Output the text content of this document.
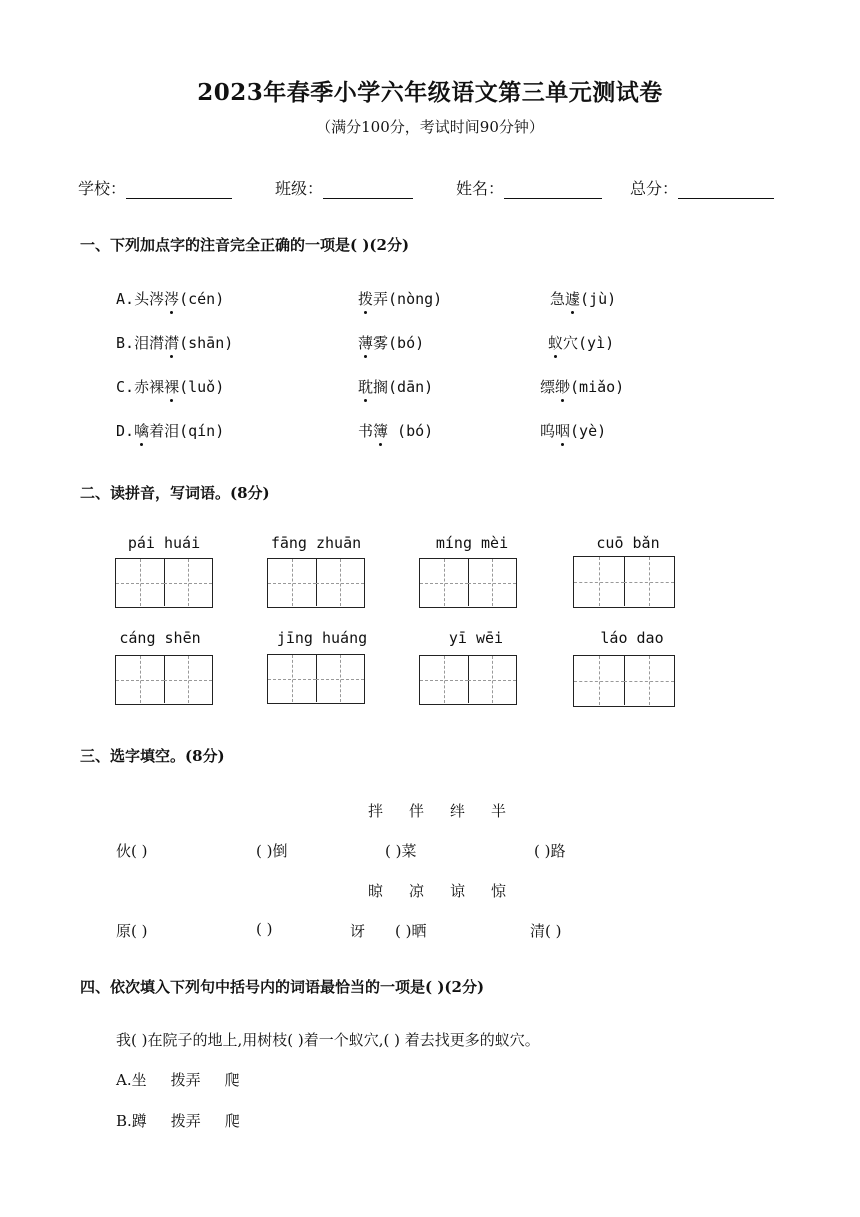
2023年春季小学六年级语文第三单元测试卷
（满分100分，考试时间90分钟）
学校：	班级：	姓名：	总分：
一、下列加点字的注音完全正确的一项是( )(2分)
A.头涔涔(cén)	拨弄(nòng)	急遽(jù)
B.泪潸潸(shān)	薄雾(bó)	蚁穴(yì)
C.赤裸裸(luǒ)	耽搁(dān)	缥缈(miǎo)
D.噙着泪(qín)	书簿 (bó)	呜咽(yè)
二、读拼音，写词语。(8分)
pái huái	fāng zhuān	míng mèi	cuō bǎn
cáng shēn	jīng huáng	yī wēi	láo dao
三、选字填空。(8分)
拌 伴 绊 半
伙( )	( )倒	( )菜	( )路
晾 凉 谅 惊
原( )	( )	讶 ( )晒	清( )
四、依次填入下列句中括号内的词语最恰当的一项是( )(2分)
我( )在院子的地上,用树枝( )着一个蚁穴,( ) 着去找更多的蚁穴。
A.坐 拨弄 爬
B.蹲 拨弄 爬
